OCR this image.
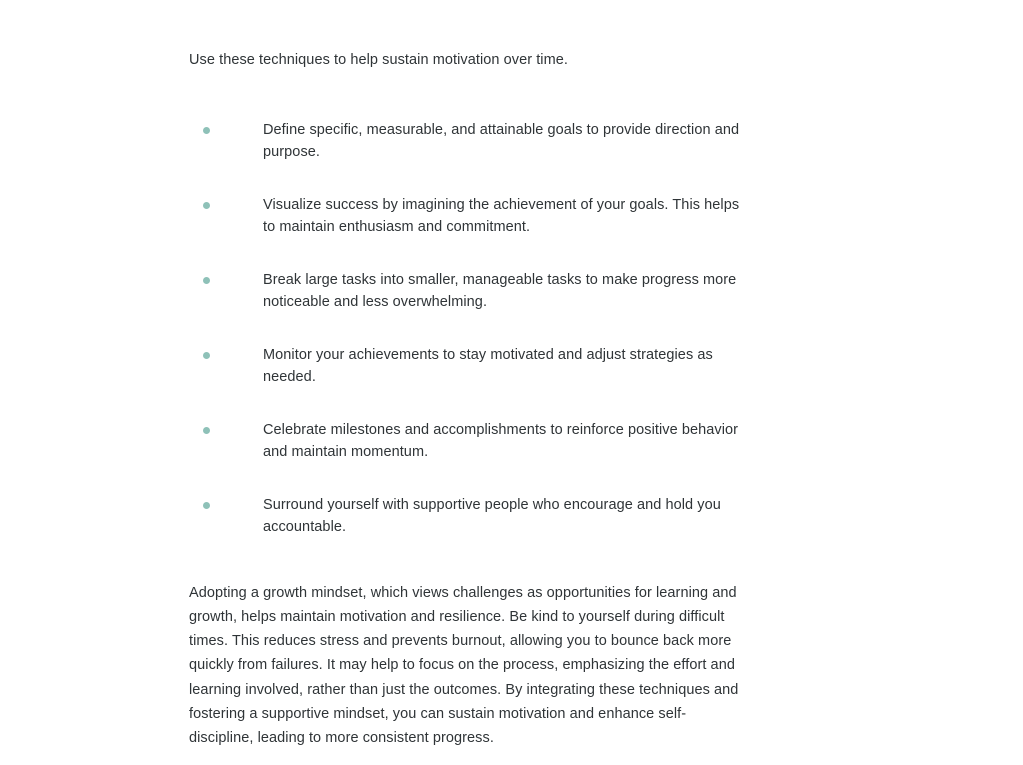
Use these techniques to help sustain motivation over time.

Define specific, measurable, and attainable goals to provide direction and purpose.
Visualize success by imagining the achievement of your goals. This helps to maintain enthusiasm and commitment.
Break large tasks into smaller, manageable tasks to make progress more noticeable and less overwhelming.
Monitor your achievements to stay motivated and adjust strategies as needed.
Celebrate milestones and accomplishments to reinforce positive behavior and maintain momentum.
Surround yourself with supportive people who encourage and hold you accountable.

Adopting a growth mindset, which views challenges as opportunities for learning and growth, helps maintain motivation and resilience. Be kind to yourself during difficult times. This reduces stress and prevents burnout, allowing you to bounce back more quickly from failures. It may help to focus on the process, emphasizing the effort and learning involved, rather than just the outcomes. By integrating these techniques and fostering a supportive mindset, you can sustain motivation and enhance self-discipline, leading to more consistent progress.
